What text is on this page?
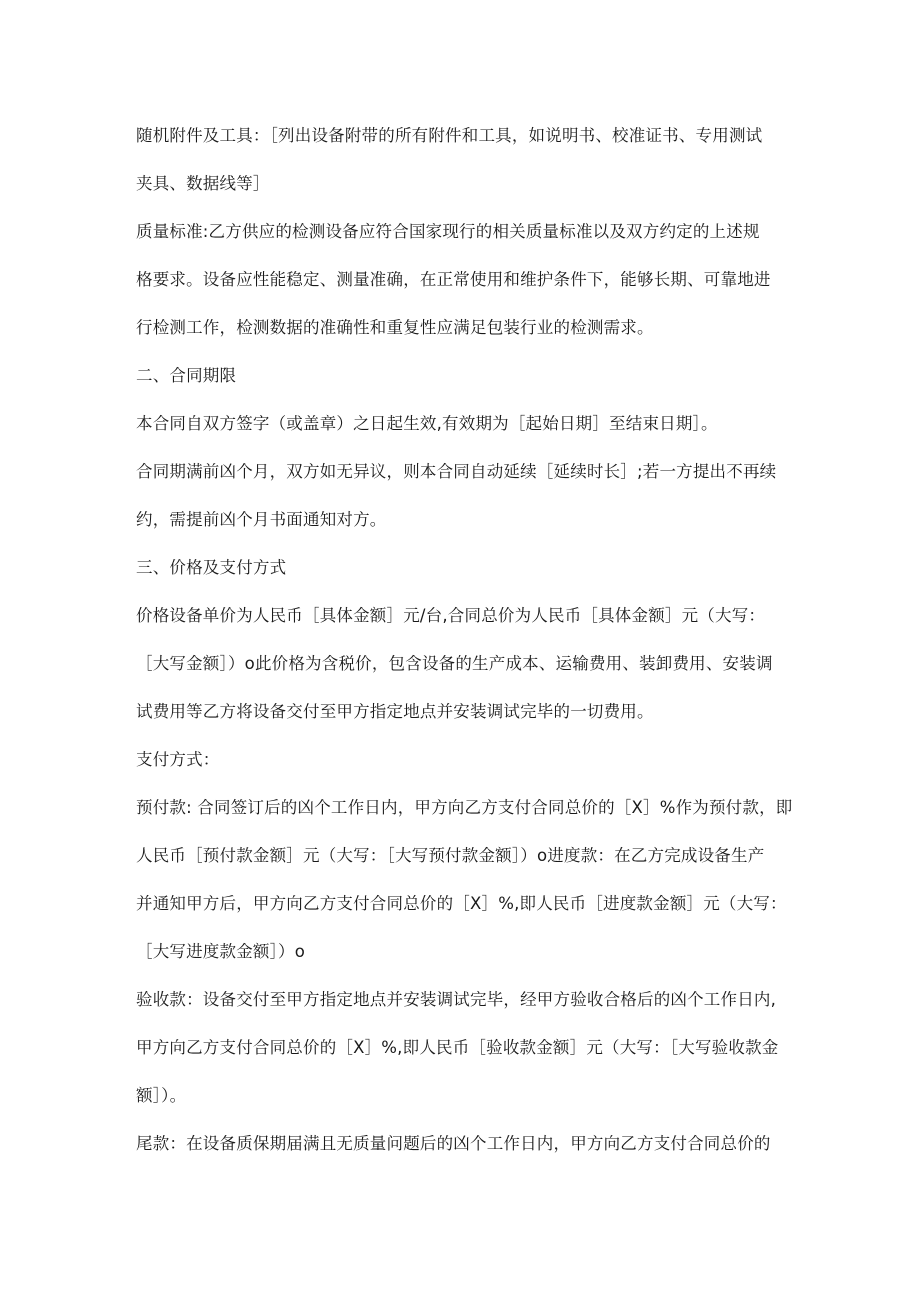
随机附件及工具：［列出设备附带的所有附件和工具，如说明书、校准证书、专用测试
夹具、数据线等］
质量标准:乙方供应的检测设备应符合国家现行的相关质量标准以及双方约定的上述规
格要求。设备应性能稳定、测量准确，在正常使用和维护条件下，能够长期、可靠地进
行检测工作，检测数据的准确性和重复性应满足包装行业的检测需求。
二、合同期限
本合同自双方签字（或盖章）之日起生效,有效期为［起始日期］至结束日期］。
合同期满前凶个月，双方如无异议，则本合同自动延续［延续时长］;若一方提出不再续
约，需提前凶个月书面通知对方。
三、价格及支付方式
价格设备单价为人民币［具体金额］元/台,合同总价为人民币［具体金额］元（大写：
［大写金额］）o此价格为含税价，包含设备的生产成本、运输费用、装卸费用、安装调
试费用等乙方将设备交付至甲方指定地点并安装调试完毕的一切费用。
支付方式：
预付款: 合同签订后的凶个工作日内，甲方向乙方支付合同总价的［X］%作为预付款，即
人民币［预付款金额］元（大写：［大写预付款金额］）o进度款：在乙方完成设备生产
并通知甲方后，甲方向乙方支付合同总价的［X］%,即人民币［进度款金额］元（大写：
［大写进度款金额］）o
验收款：设备交付至甲方指定地点并安装调试完毕，经甲方验收合格后的凶个工作日内,
甲方向乙方支付合同总价的［X］%,即人民币［验收款金额］元（大写：［大写验收款金
额］）。
尾款：在设备质保期届满且无质量问题后的凶个工作日内，甲方向乙方支付合同总价的
